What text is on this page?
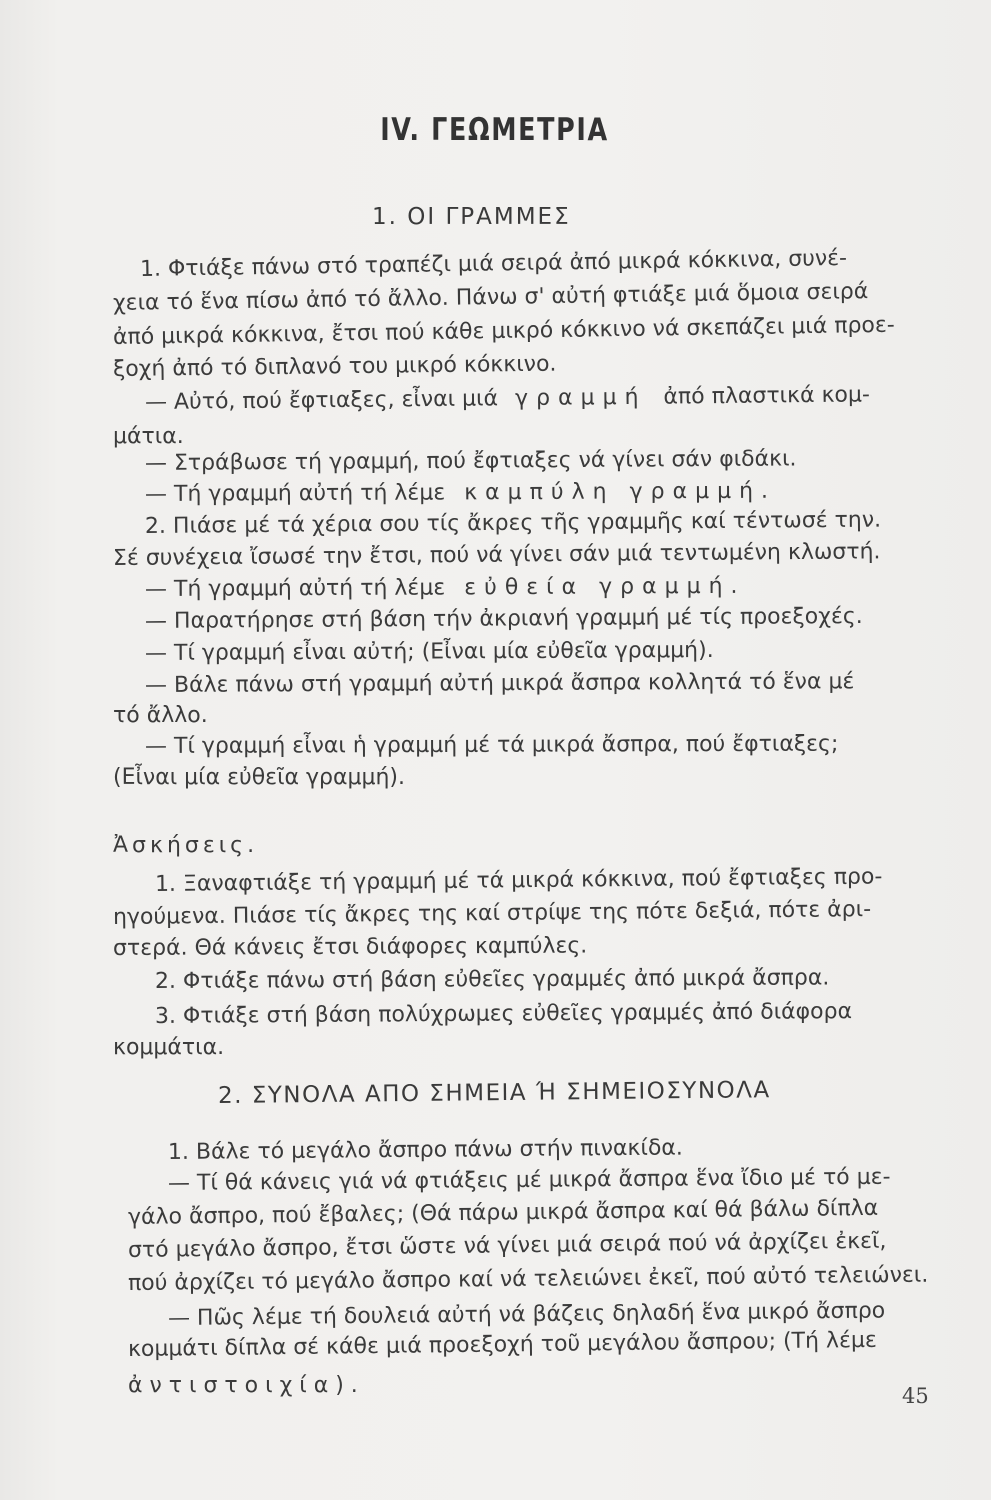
IV. ΓΕΩΜΕΤΡΙΑ
1. ΟΙ ΓΡΑΜΜΕΣ
1. Φτιάξε πάνω στό τραπέζι μιά σειρά ἀπό μικρά κόκκινα, συνέ-
χεια τό ἕνα πίσω ἀπό τό ἄλλο. Πάνω σ' αὐτή φτιάξε μιά ὅμοια σειρά
ἀπό μικρά κόκκινα, ἔτσι πού κάθε μικρό κόκκινο νά σκεπάζει μιά προε-
ξοχή ἀπό τό διπλανό του μικρό κόκκινο.
— Αὐτό, πού ἔφτιαξες, εἶναι μιά γραμμή ἀπό πλαστικά κομ-
μάτια.
— Στράβωσε τή γραμμή, πού ἔφτιαξες νά γίνει σάν φιδάκι.
— Τή γραμμή αὐτή τή λέμε καμπύλη γραμμή.
2. Πιάσε μέ τά χέρια σου τίς ἄκρες τῆς γραμμῆς καί τέντωσέ την.
Σέ συνέχεια ἴσωσέ την ἔτσι, πού νά γίνει σάν μιά τεντωμένη κλωστή.
— Τή γραμμή αὐτή τή λέμε εὐθεία γραμμή.
— Παρατήρησε στή βάση τήν ἀκριανή γραμμή μέ τίς προεξοχές.
— Τί γραμμή εἶναι αὐτή; (Εἶναι μία εὐθεῖα γραμμή).
— Βάλε πάνω στή γραμμή αὐτή μικρά ἄσπρα κολλητά τό ἕνα μέ
τό ἄλλο.
— Τί γραμμή εἶναι ἡ γραμμή μέ τά μικρά ἄσπρα, πού ἔφτιαξες;
(Εἶναι μία εὐθεῖα γραμμή).
Ἀσκήσεις.
1. Ξαναφτιάξε τή γραμμή μέ τά μικρά κόκκινα, πού ἔφτιαξες προ-
ηγούμενα. Πιάσε τίς ἄκρες της καί στρίψε της πότε δεξιά, πότε ἀρι-
στερά. Θά κάνεις ἔτσι διάφορες καμπύλες.
2. Φτιάξε πάνω στή βάση εὐθεῖες γραμμές ἀπό μικρά ἄσπρα.
3. Φτιάξε στή βάση πολύχρωμες εὐθεῖες γραμμές ἀπό διάφορα
κομμάτια.
2. ΣΥΝΟΛΑ ΑΠΟ ΣΗΜΕΙΑ Ή ΣΗΜΕΙΟΣΥΝΟΛΑ
1. Βάλε τό μεγάλο ἄσπρο πάνω στήν πινακίδα.
— Τί θά κάνεις γιά νά φτιάξεις μέ μικρά ἄσπρα ἕνα ἴδιο μέ τό με-
γάλο ἄσπρο, πού ἔβαλες; (Θά πάρω μικρά ἄσπρα καί θά βάλω δίπλα
στό μεγάλο ἄσπρο, ἔτσι ὥστε νά γίνει μιά σειρά πού νά ἀρχίζει ἐκεῖ,
πού ἀρχίζει τό μεγάλο ἄσπρο καί νά τελειώνει ἐκεῖ, πού αὐτό τελειώνει.
— Πῶς λέμε τή δουλειά αὐτή νά βάζεις δηλαδή ἕνα μικρό ἄσπρο
κομμάτι δίπλα σέ κάθε μιά προεξοχή τοῦ μεγάλου ἄσπρου; (Τή λέμε
ἀντιστοιχία).	45
